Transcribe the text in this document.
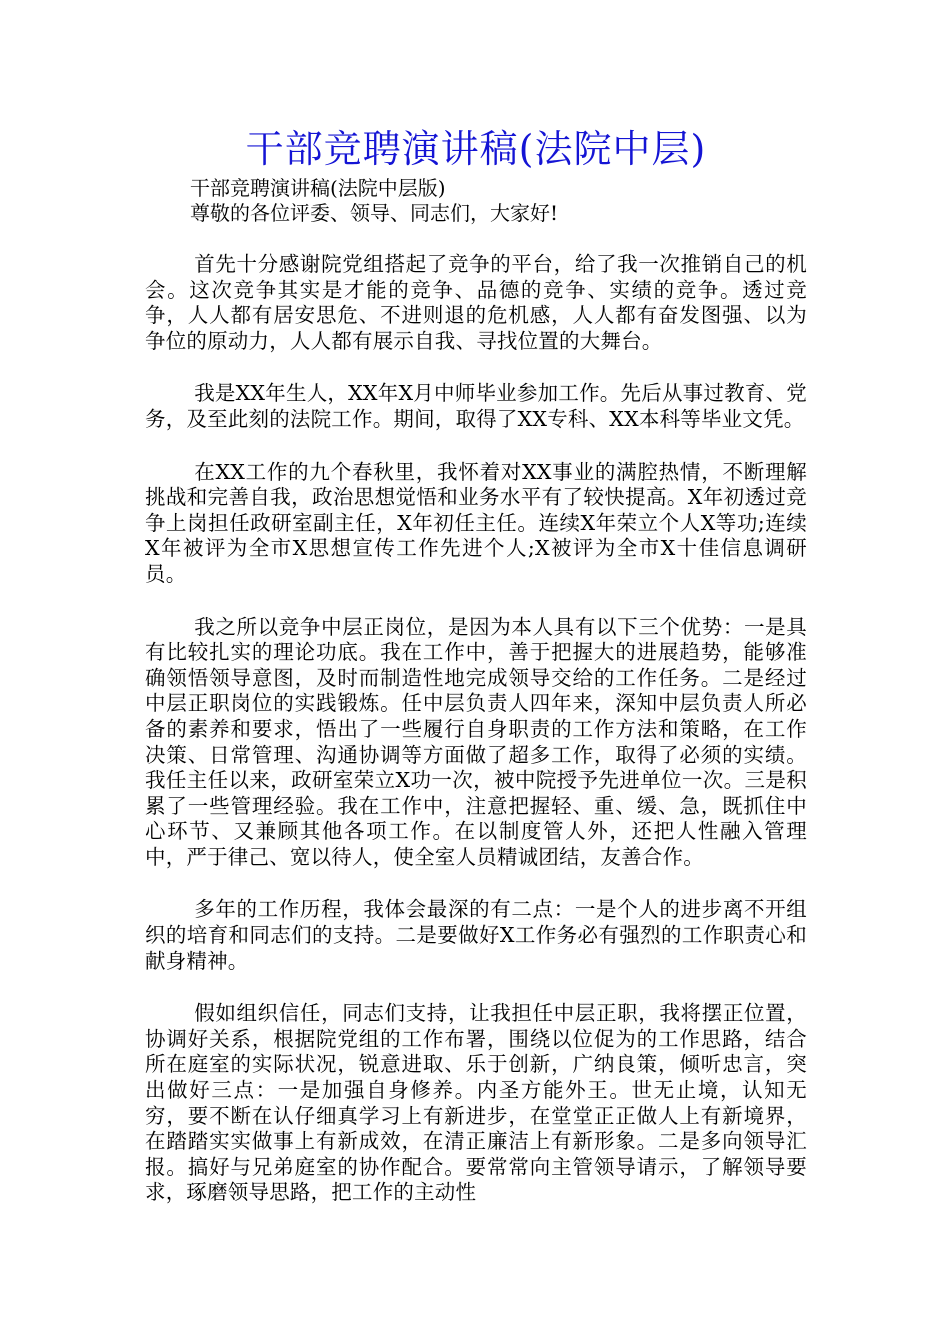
干部竞聘演讲稿(法院中层)
干部竞聘演讲稿(法院中层版)
尊敬的各位评委、领导、同志们，大家好!

首先十分感谢院党组搭起了竞争的平台，给了我一次推销自己的机会。这次竞争其实是才能的竞争、品德的竞争、实绩的竞争。透过竞争，人人都有居安思危、不进则退的危机感，人人都有奋发图强、以为争位的原动力，人人都有展示自我、寻找位置的大舞台。

我是XX年生人，XX年X月中师毕业参加工作。先后从事过教育、党务，及至此刻的法院工作。期间，取得了XX专科、XX本科等毕业文凭。

在XX工作的九个春秋里，我怀着对XX事业的满腔热情，不断理解挑战和完善自我，政治思想觉悟和业务水平有了较快提高。X年初透过竞争上岗担任政研室副主任，X年初任主任。连续X年荣立个人X等功;连续X年被评为全市X思想宣传工作先进个人;X被评为全市X十佳信息调研员。

我之所以竞争中层正岗位，是因为本人具有以下三个优势：一是具有比较扎实的理论功底。我在工作中，善于把握大的进展趋势，能够准确领悟领导意图，及时而制造性地完成领导交给的工作任务。二是经过中层正职岗位的实践锻炼。任中层负责人四年来，深知中层负责人所必备的素养和要求，悟出了一些履行自身职责的工作方法和策略，在工作决策、日常管理、沟通协调等方面做了超多工作，取得了必须的实绩。我任主任以来，政研室荣立X功一次，被中院授予先进单位一次。三是积累了一些管理经验。我在工作中，注意把握轻、重、缓、急，既抓住中心环节、又兼顾其他各项工作。在以制度管人外，还把人性融入管理中，严于律己、宽以待人，使全室人员精诚团结，友善合作。

多年的工作历程，我体会最深的有二点：一是个人的进步离不开组织的培育和同志们的支持。二是要做好X工作务必有强烈的工作职责心和献身精神。

假如组织信任，同志们支持，让我担任中层正职，我将摆正位置，协调好关系，根据院党组的工作布署，围绕以位促为的工作思路，结合所在庭室的实际状况，锐意进取、乐于创新，广纳良策，倾听忠言，突出做好三点：一是加强自身修养。内圣方能外王。世无止境，认知无穷，要不断在认仔细真学习上有新进步，在堂堂正正做人上有新境界，在踏踏实实做事上有新成效，在清正廉洁上有新形象。二是多向领导汇报。搞好与兄弟庭室的协作配合。要常常向主管领导请示，了解领导要求，琢磨领导思路，把工作的主动性
